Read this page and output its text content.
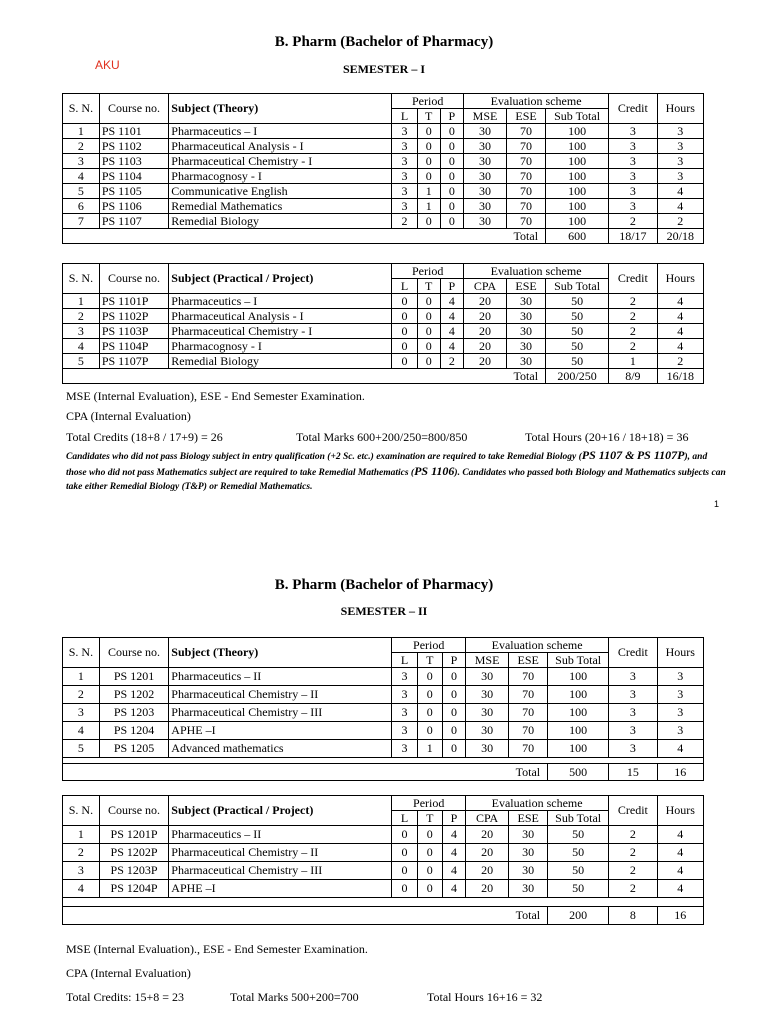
B. Pharm (Bachelor of Pharmacy)
AKU	SEMESTER – I
S. N.	Course no.	Subject (Theory)	Period			Evaluation scheme			Credit	Hours
			L	T	P	MSE	ESE	Sub Total		
1	PS 1101	Pharmaceutics – I	3	0	0	30	70	100	3	3
2	PS 1102	Pharmaceutical Analysis - I	3	0	0	30	70	100	3	3
3	PS 1103	Pharmaceutical Chemistry - I	3	0	0	30	70	100	3	3
4	PS 1104	Pharmacognosy - I	3	0	0	30	70	100	3	3
5	PS 1105	Communicative English	3	1	0	30	70	100	3	4
6	PS 1106	Remedial Mathematics	3	1	0	30	70	100	3	4
7	PS 1107	Remedial Biology	2	0	0	30	70	100	2	2
							Total	600	18/17	20/18
S. N.	Course no.	Subject (Practical / Project)	Period			Evaluation scheme			Credit	Hours
			L	T	P	CPA	ESE	Sub Total		
1	PS 1101P	Pharmaceutics – I	0	0	4	20	30	50	2	4
2	PS 1102P	Pharmaceutical Analysis - I	0	0	4	20	30	50	2	4
3	PS 1103P	Pharmaceutical Chemistry - I	0	0	4	20	30	50	2	4
4	PS 1104P	Pharmacognosy - I	0	0	4	20	30	50	2	4
5	PS 1107P	Remedial Biology	0	0	2	20	30	50	1	2
							Total	200/250	8/9	16/18
MSE (Internal Evaluation), ESE - End Semester Examination.
CPA (Internal Evaluation)
Total Credits (18+8 / 17+9) = 26	Total Marks 600+200/250=800/850	Total Hours (20+16 / 18+18) = 36
Candidates who did not pass Biology subject in entry qualification (+2 Sc. etc.) examination are required to take Remedial Biology (PS 1107 & PS 1107P), and those who did not pass Mathematics subject are required to take Remedial Mathematics (PS 1106). Candidates who passed both Biology and Mathematics subjects can take either Remedial Biology (T&P) or Remedial Mathematics.
1
B. Pharm (Bachelor of Pharmacy)
SEMESTER – II
S. N.	Course no.	Subject (Theory)	Period			Evaluation scheme			Credit	Hours
			L	T	P	MSE	ESE	Sub Total		
1	PS 1201	Pharmaceutics – II	3	0	0	30	70	100	3	3
2	PS 1202	Pharmaceutical Chemistry – II	3	0	0	30	70	100	3	3
3	PS 1203	Pharmaceutical Chemistry – III	3	0	0	30	70	100	3	3
4	PS 1204	APHE –I	3	0	0	30	70	100	3	3
5	PS 1205	Advanced mathematics	3	1	0	30	70	100	3	4

							Total	500	15	16
S. N.	Course no.	Subject (Practical / Project)	Period			Evaluation scheme			Credit	Hours
			L	T	P	CPA	ESE	Sub Total		
1	PS 1201P	Pharmaceutics – II	0	0	4	20	30	50	2	4
2	PS 1202P	Pharmaceutical Chemistry – II	0	0	4	20	30	50	2	4
3	PS 1203P	Pharmaceutical Chemistry – III	0	0	4	20	30	50	2	4
4	PS 1204P	APHE –I	0	0	4	20	30	50	2	4

							Total	200	8	16
MSE (Internal Evaluation)., ESE - End Semester Examination.
CPA (Internal Evaluation)
Total Credits: 15+8 = 23	Total Marks 500+200=700	Total Hours 16+16 = 32
